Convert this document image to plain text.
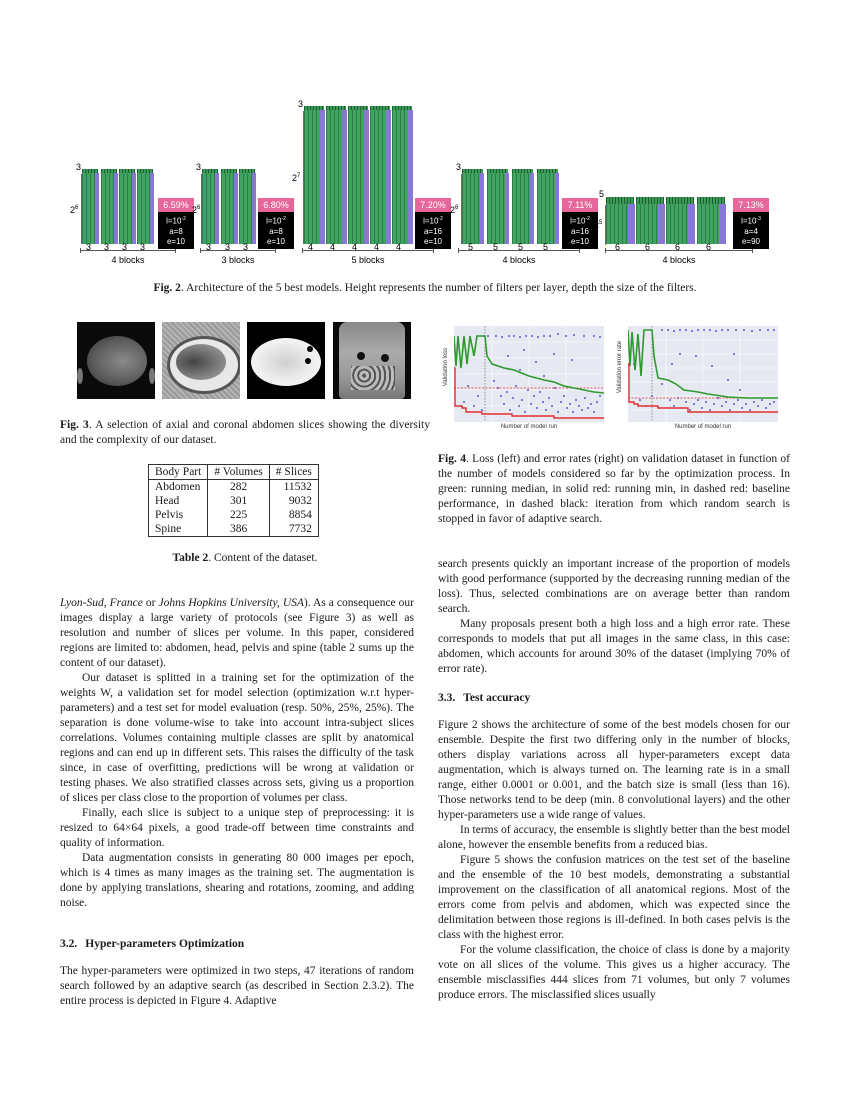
3
$2^6$
3 3 3 3
4 blocks
6.59%
$l=10^{-2}$
a=8
e=10
3
$2^6$
3 3 3
3 blocks
6.80%
$l=10^{-2}$
a=8
e=10
3
$2^7$
4 4 4 4 4
5 blocks
7.20%
$l=10^{-2}$
a=16
e=10
3
$2^6$
5 5 5 5
4 blocks
7.11%
$l=10^{-2}$
a=16
e=10
5
$2^5$
6	6	6	6
4 blocks
7.13%
$l=10^{-3}$
a=4
e=90
Fig. 2. Architecture of the 5 best models. Height represents the number of filters per layer, depth the size of the filters.
Fig. 3. A selection of axial and coronal abdomen slices showing the diversity and the complexity of our dataset.
Body Part	# Volumes	# Slices
Abdomen	282	11532
Head	301	9032
Pelvis	225	8854
Spine	386	7732
Table 2. Content of the dataset.
Validation loss
Number of model run
Validation error rate
Number of model run
Fig. 4. Loss (left) and error rates (right) on validation dataset in function of the number of models considered so far by the optimization process. In green: running median, in solid red: running min, in dashed red: baseline performance, in dashed black: iteration from which random search is stopped in favor of adaptive search.

Lyon-Sud, France or Johns Hopkins University, USA). As a consequence our images display a large variety of protocols (see Figure 3) as well as resolution and number of slices per volume. In this paper, considered regions are limited to: abdomen, head, pelvis and spine (table 2 sums up the content of our dataset).

Our dataset is splitted in a training set for the optimization of the weights W, a validation set for model selection (optimization w.r.t hyper-parameters) and a test set for model evaluation (resp. 50%, 25%, 25%). The separation is done volume-wise to take into account intra-subject slices correlations. Volumes containing multiple classes are split by anatomical regions and can end up in different sets. This raises the difficulty of the task since, in case of overfitting, predictions will be wrong at validation or testing phases. We also stratified classes across sets, giving us a proportion of slices per class close to the proportion of volumes per class.

Finally, each slice is subject to a unique step of preprocessing: it is resized to 64×64 pixels, a good trade-off between time constraints and quality of information.

Data augmentation consists in generating 80 000 images per epoch, which is 4 times as many images as the training set. The augmentation is done by applying translations, shearing and rotations, zooming, and adding noise.

3.2. Hyper-parameters Optimization

The hyper-parameters were optimized in two steps, 47 iterations of random search followed by an adaptive search (as described in Section 2.3.2). The entire process is depicted in Figure 4. Adaptive

search presents quickly an important increase of the proportion of models with good performance (supported by the decreasing running median of the loss). Thus, selected combinations are on average better than random search.

Many proposals present both a high loss and a high error rate. These corresponds to models that put all images in the same class, in this case: abdomen, which accounts for around 30% of the dataset (implying 70% of error rate).

3.3. Test accuracy

Figure 2 shows the architecture of some of the best models chosen for our ensemble. Despite the first two differing only in the number of blocks, others display variations across all hyper-parameters except data augmentation, which is always turned on. The learning rate is in a small range, either 0.0001 or 0.001, and the batch size is small (less than 16). Those networks tend to be deep (min. 8 convolutional layers) and the other hyper-parameters use a wide range of values.

In terms of accuracy, the ensemble is slightly better than the best model alone, however the ensemble benefits from a reduced bias.

Figure 5 shows the confusion matrices on the test set of the baseline and the ensemble of the 10 best models, demonstrating a substantial improvement on the classification of all anatomical regions. Most of the errors come from pelvis and abdomen, which was expected since the delimitation between those regions is ill-defined. In both cases pelvis is the class with the highest error.

For the volume classification, the choice of class is done by a majority vote on all slices of the volume. This gives us a higher accuracy. The ensemble misclassifies 444 slices from 71 volumes, but only 7 volumes produce errors. The misclassified slices usually
